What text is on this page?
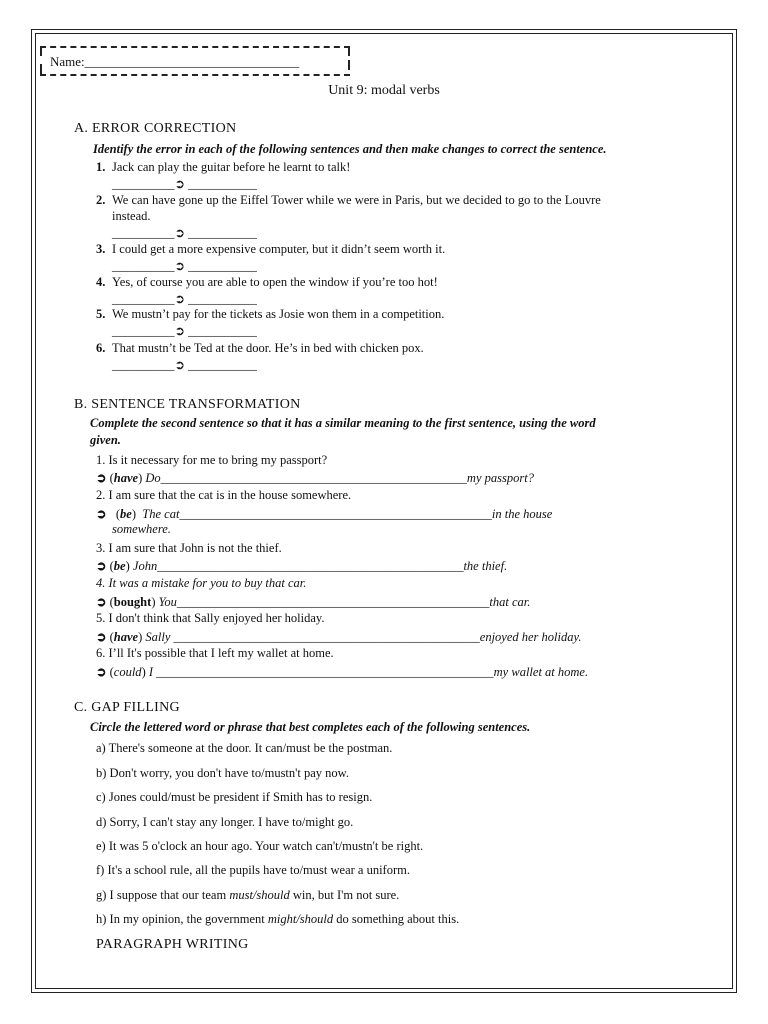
Name:_________________________________
Unit 9: modal verbs
A. ERROR CORRECTION
Identify the error in each of the following sentences and then make changes to correct the sentence.
1. Jack can play the guitar before he learnt to talk!
__________➲ ___________
2. We can have gone up the Eiffel Tower while we were in Paris, but we decided to go to the Louvre
instead.
__________➲ ___________
3. I could get a more expensive computer, but it didn’t seem worth it.
__________➲ ___________
4. Yes, of course you are able to open the window if you’re too hot!
__________➲ ___________
5. We mustn’t pay for the tickets as Josie won them in a competition.
__________➲ ___________
6. That mustn’t be Ted at the door. He’s in bed with chicken pox.
__________➲ ___________
B. SENTENCE TRANSFORMATION
Complete the second sentence so that it has a similar meaning to the first sentence, using the word
given.
1. Is it necessary for me to bring my passport?
➲ (have) Do_________________________________________________my passport?
2. I am sure that the cat is in the house somewhere.
➲   (be)  The cat__________________________________________________in the house
somewhere.
3. I am sure that John is not the thief.
➲ (be) John_________________________________________________the thief.
4. It was a mistake for you to buy that car.
➲ (bought) You__________________________________________________that car.
5. I don't think that Sally enjoyed her holiday.
➲ (have) Sally _________________________________________________enjoyed her holiday.
6. I’ll It's possible that I left my wallet at home.
➲ (could) I ______________________________________________________my wallet at home.
C. GAP FILLING
Circle the lettered word or phrase that best completes each of the following sentences.
a) There's someone at the door. It can/must be the postman.
b) Don't worry, you don't have to/mustn't pay now.
c) Jones could/must be president if Smith has to resign.
d) Sorry, I can't stay any longer. I have to/might go.
e) It was 5 o'clock an hour ago. Your watch can't/mustn't be right.
f) It's a school rule, all the pupils have to/must wear a uniform.
g) I suppose that our team must/should win, but I'm not sure.
h) In my opinion, the government might/should do something about this.
PARAGRAPH WRITING
